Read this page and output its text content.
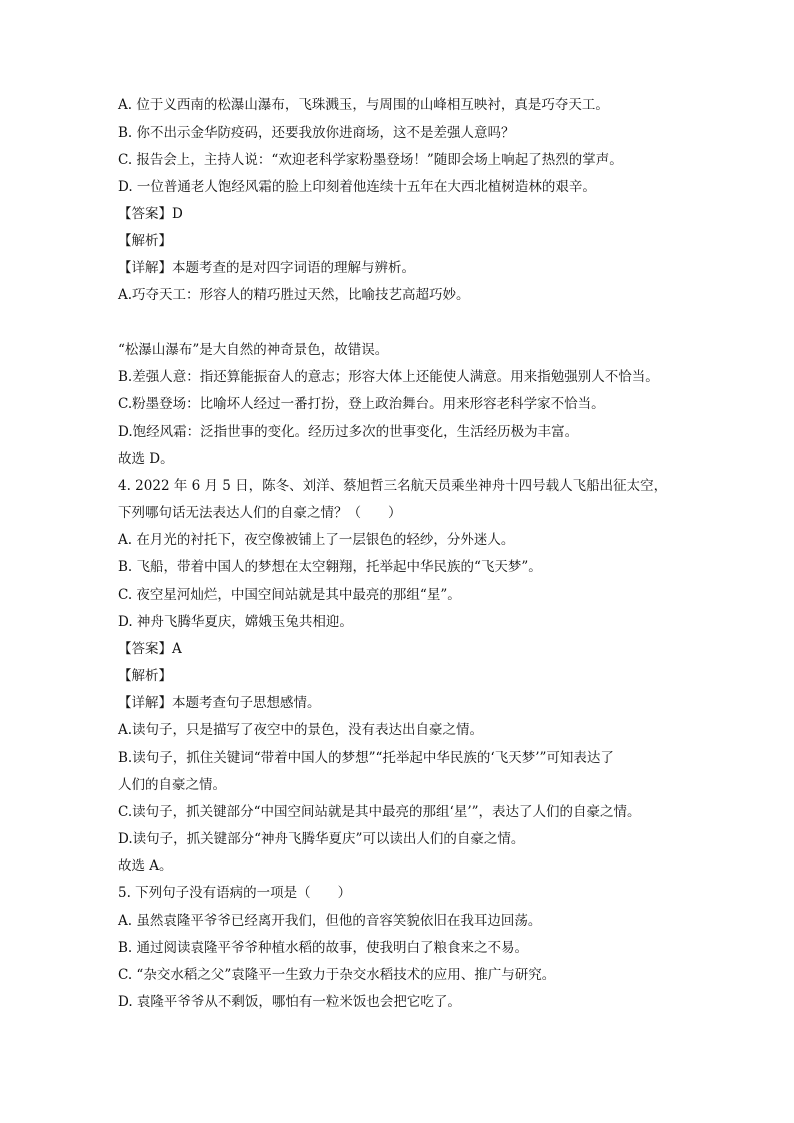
A. 位于义西南的松瀑山瀑布，飞珠溅玉，与周围的山峰相互映衬，真是巧夺天工。
B. 你不出示金华防疫码，还要我放你进商场，这不是差强人意吗？
C. 报告会上，主持人说：“欢迎老科学家粉墨登场！”随即会场上响起了热烈的掌声。
D. 一位普通老人饱经风霜的脸上印刻着他连续十五年在大西北植树造林的艰辛。
【答案】D
【解析】
【详解】本题考查的是对四字词语的理解与辨析。
A.巧夺天工：形容人的精巧胜过天然，比喻技艺高超巧妙。
“松瀑山瀑布”是大自然的神奇景色，故错误。
B.差强人意：指还算能振奋人的意志；形容大体上还能使人满意。用来指勉强别人不恰当。
C.粉墨登场：比喻坏人经过一番打扮，登上政治舞台。用来形容老科学家不恰当。
D.饱经风霜：泛指世事的变化。经历过多次的世事变化，生活经历极为丰富。
故选 D。
4. 2022 年 6 月 5 日，陈冬、刘洋、蔡旭哲三名航天员乘坐神舟十四号载人飞船出征太空，
下列哪句话无法表达人们的自豪之情？（　　）
A. 在月光的衬托下，夜空像被铺上了一层银色的轻纱，分外迷人。
B. 飞船，带着中国人的梦想在太空翱翔，托举起中华民族的“飞天梦”。
C. 夜空星河灿烂，中国空间站就是其中最亮的那组“星”。
D. 神舟飞腾华夏庆，嫦娥玉兔共相迎。
【答案】A
【解析】
【详解】本题考查句子思想感情。
A.读句子，只是描写了夜空中的景色，没有表达出自豪之情。
B.读句子，抓住关键词“带着中国人的梦想”“托举起中华民族的‘飞天梦’”可知表达了
人们的自豪之情。
C.读句子，抓关键部分“中国空间站就是其中最亮的那组‘星’”，表达了人们的自豪之情。
D.读句子，抓关键部分“神舟飞腾华夏庆”可以读出人们的自豪之情。
故选 A。
5. 下列句子没有语病的一项是（　　）
A. 虽然袁隆平爷爷已经离开我们，但他的音容笑貌依旧在我耳边回荡。
B. 通过阅读袁隆平爷爷种植水稻的故事，使我明白了粮食来之不易。
C. “杂交水稻之父”袁隆平一生致力于杂交水稻技术的应用、推广与研究。
D. 袁隆平爷爷从不剩饭，哪怕有一粒米饭也会把它吃了。
